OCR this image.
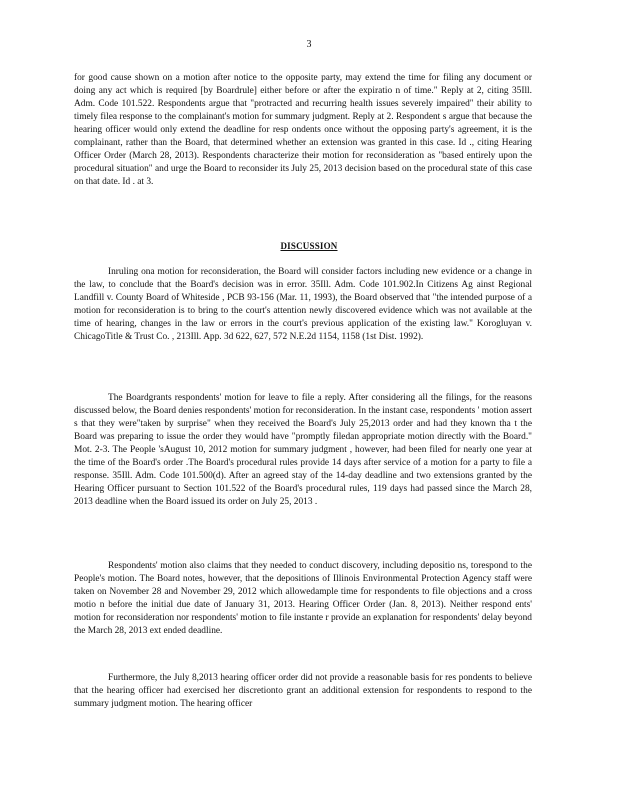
3

for good cause shown on a motion after notice to the opposite party, may extend the time for filing any document or doing any act which is required [by Boardrule] either before or after the expiratio n of time." Reply at 2, citing 35Ill. Adm. Code 101.522. Respondents argue that "protracted and recurring health issues severely impaired" their ability to timely filea response to the complainant's motion for summary judgment. Reply at 2. Respondent s argue that because the hearing officer would only extend the deadline for resp ondents once without the opposing party's agreement, it is the complainant, rather than the Board, that determined whether an extension was granted in this case. Id ., citing Hearing Officer Order (March 28, 2013). Respondents characterize their motion for reconsideration as "based entirely upon the procedural situation" and urge the Board to reconsider its July 25, 2013 decision based on the procedural state of this case on that date. Id . at 3.

DISCUSSION

Inruling ona motion for reconsideration, the Board will consider factors including new evidence or a change in the law, to conclude that the Board's decision was in error. 35Ill. Adm. Code 101.902.In Citizens Ag ainst Regional Landfill v. County Board of Whiteside , PCB 93-156 (Mar. 11, 1993), the Board observed that "the intended purpose of a motion for reconsideration is to bring to the court's attention newly discovered evidence which was not available at the time of hearing, changes in the law or errors in the court's previous application of the existing law." Korogluyan v. ChicagoTitle & Trust Co. , 213Ill. App. 3d 622, 627, 572 N.E.2d 1154, 1158 (1st Dist. 1992).

The Boardgrants respondents' motion for leave to file a reply. After considering all the filings, for the reasons discussed below, the Board denies respondents' motion for reconsideration. In the instant case, respondents ' motion assert s that they were"taken by surprise" when they received the Board's July 25,2013 order and had they known tha t the Board was preparing to issue the order they would have "promptly filedan appropriate motion directly with the Board." Mot. 2-3. The People 'sAugust 10, 2012 motion for summary judgment , however, had been filed for nearly one year at the time of the Board's order .The Board's procedural rules provide 14 days after service of a motion for a party to file a response. 35Ill. Adm. Code 101.500(d). After an agreed stay of the 14-day deadline and two extensions granted by the Hearing Officer pursuant to Section 101.522 of the Board's procedural rules, 119 days had passed since the March 28, 2013 deadline when the Board issued its order on July 25, 2013 .

Respondents' motion also claims that they needed to conduct discovery, including depositio ns, torespond to the People's motion. The Board notes, however, that the depositions of Illinois Environmental Protection Agency staff were taken on November 28 and November 29, 2012 which allowedample time for respondents to file objections and a cross motio n before the initial due date of January 31, 2013. Hearing Officer Order (Jan. 8, 2013). Neither respond ents' motion for reconsideration nor respondents' motion to file instante r provide an explanation for respondents' delay beyond the March 28, 2013 ext ended deadline.

Furthermore, the July 8,2013 hearing officer order did not provide a reasonable basis for res pondents to believe that the hearing officer had exercised her discretionto grant an additional extension for respondents to respond to the summary judgment motion. The hearing officer
